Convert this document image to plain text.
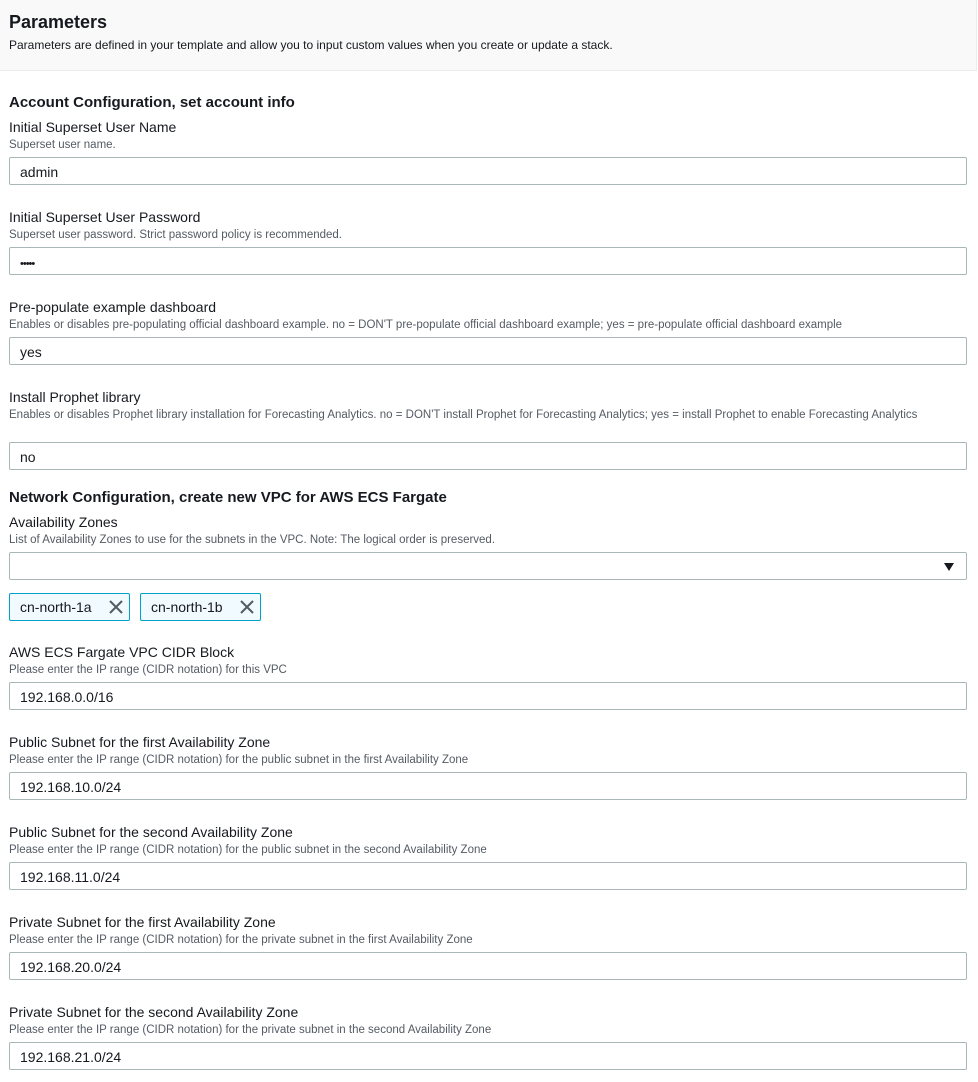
Parameters
Parameters are defined in your template and allow you to input custom values when you create or update a stack.
Account Configuration, set account info
Initial Superset User Name
Superset user name.
admin
Initial Superset User Password
Superset user password. Strict password policy is recommended.
•••••
Pre-populate example dashboard
Enables or disables pre-populating official dashboard example. no = DON'T pre-populate official dashboard example; yes = pre-populate official dashboard example
yes
Install Prophet library
Enables or disables Prophet library installation for Forecasting Analytics. no = DON'T install Prophet for Forecasting Analytics; yes = install Prophet to enable Forecasting Analytics
no
Network Configuration, create new VPC for AWS ECS Fargate
Availability Zones
List of Availability Zones to use for the subnets in the VPC. Note: The logical order is preserved.
cn-north-1a	cn-north-1b
AWS ECS Fargate VPC CIDR Block
Please enter the IP range (CIDR notation) for this VPC
192.168.0.0/16
Public Subnet for the first Availability Zone
Please enter the IP range (CIDR notation) for the public subnet in the first Availability Zone
192.168.10.0/24
Public Subnet for the second Availability Zone
Please enter the IP range (CIDR notation) for the public subnet in the second Availability Zone
192.168.11.0/24
Private Subnet for the first Availability Zone
Please enter the IP range (CIDR notation) for the private subnet in the first Availability Zone
192.168.20.0/24
Private Subnet for the second Availability Zone
Please enter the IP range (CIDR notation) for the private subnet in the second Availability Zone
192.168.21.0/24
